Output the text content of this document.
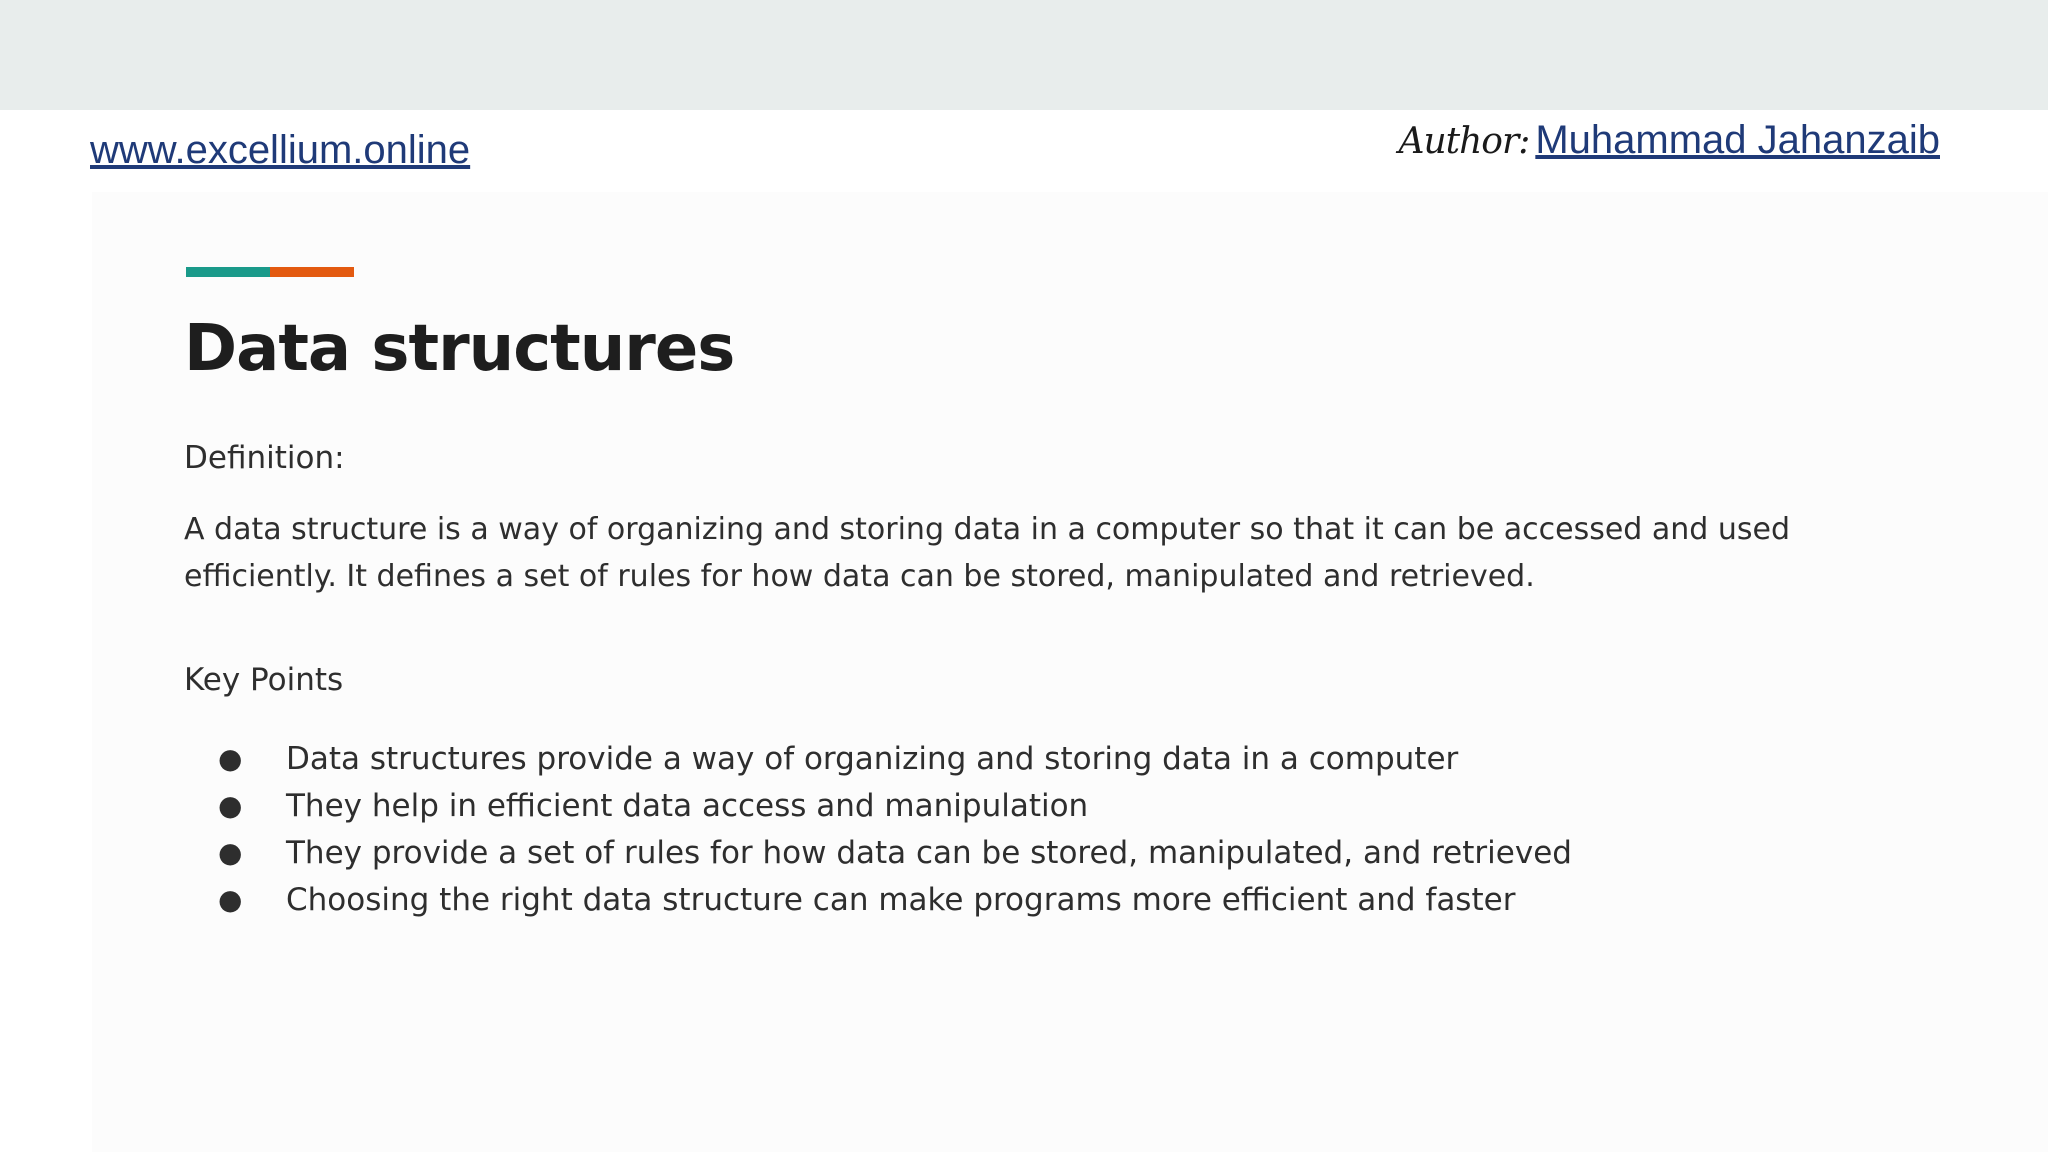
www.excellium.online	Author: Muhammad Jahanzaib
Data structures
Definition:
A data structure is a way of organizing and storing data in a computer so that it can be accessed and used
efficiently. It defines a set of rules for how data can be stored, manipulated and retrieved.
Key Points
●	Data structures provide a way of organizing and storing data in a computer
●	They help in efficient data access and manipulation
●	They provide a set of rules for how data can be stored, manipulated, and retrieved
●	Choosing the right data structure can make programs more efficient and faster
